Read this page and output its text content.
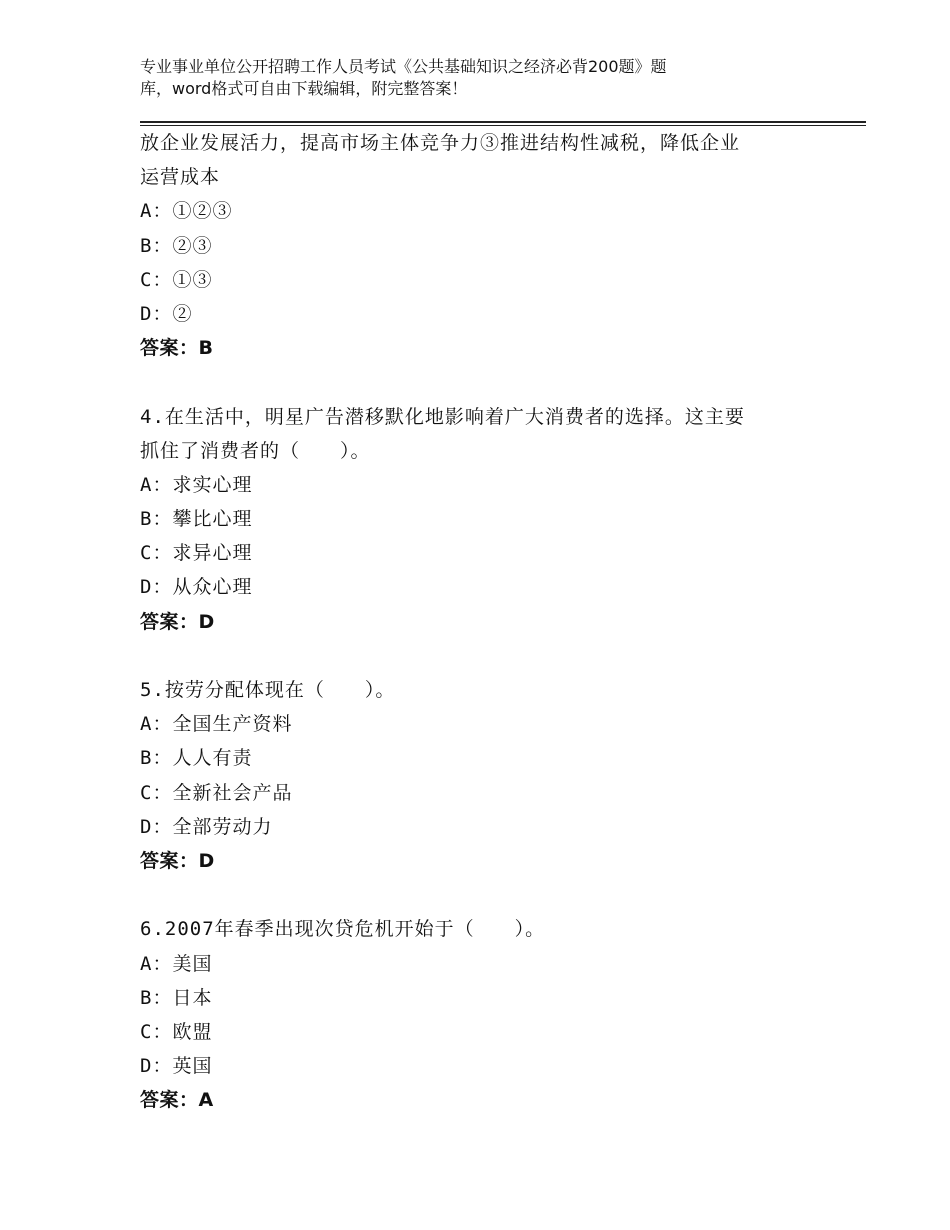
专业事业单位公开招聘工作人员考试《公共基础知识之经济必背200题》题
库，word格式可自由下载编辑，附完整答案！
放企业发展活力，提高市场主体竞争力③推进结构性减税，降低企业
运营成本
A：①②③
B：②③
C：①③
D：②
答案：B
4.在生活中，明星广告潜移默化地影响着广大消费者的选择。这主要
抓住了消费者的（　　）。
A：求实心理
B：攀比心理
C：求异心理
D：从众心理
答案：D
5.按劳分配体现在（　　）。
A：全国生产资料
B：人人有责
C：全新社会产品
D：全部劳动力
答案：D
6.2007年春季出现次贷危机开始于（　　）。
A：美国
B：日本
C：欧盟
D：英国
答案：A
